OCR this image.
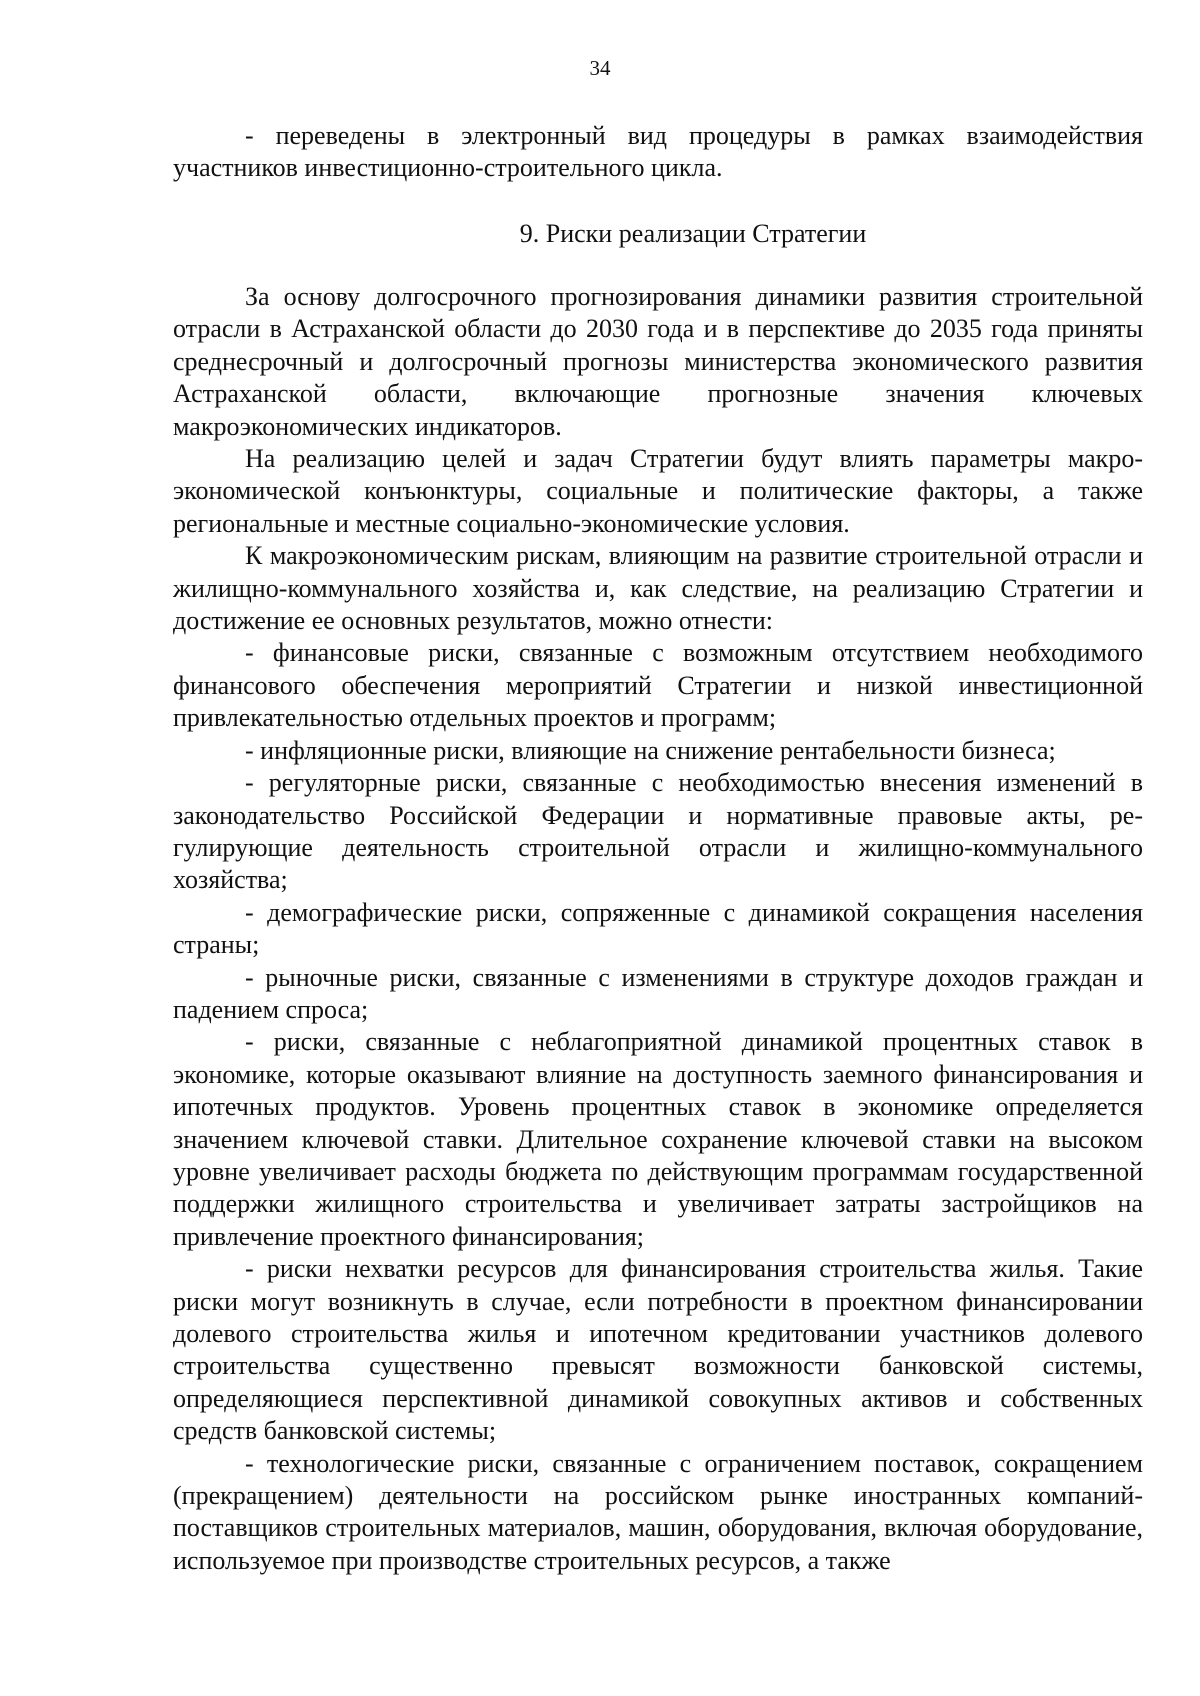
34

- переведены в электронный вид процедуры в рамках взаимодействия участников инвестиционно-строительного цикла.

9. Риски реализации Стратегии

За основу долгосрочного прогнозирования динамики развития строительной отрасли в Астраханской области до 2030 года и в перспективе до 2035 года приняты среднесрочный и долгосрочный прогнозы министерства экономического развития Астраханской области, включающие прогнозные значения ключевых макроэкономических индикаторов.

На реализацию целей и задач Стратегии будут влиять параметры макроэкономической конъюнктуры, социальные и политические факторы, а также региональные и местные социально-экономические условия.

К макроэкономическим рискам, влияющим на развитие строительной отрасли и жилищно-коммунального хозяйства и, как следствие, на реализацию Стратегии и достижение ее основных результатов, можно отнести:

- финансовые риски, связанные с возможным отсутствием необходимого финансового обеспечения мероприятий Стратегии и низкой инвестиционной привлекательностью отдельных проектов и программ;

- инфляционные риски, влияющие на снижение рентабельности бизнеса;

- регуляторные риски, связанные с необходимостью внесения изменений в законодательство Российской Федерации и нормативные правовые акты, регулирующие деятельность строительной отрасли и жилищно-коммунального хозяйства;

- демографические риски, сопряженные с динамикой сокращения населения страны;

- рыночные риски, связанные с изменениями в структуре доходов граждан и падением спроса;

- риски, связанные с неблагоприятной динамикой процентных ставок в экономике, которые оказывают влияние на доступность заемного финансирования и ипотечных продуктов. Уровень процентных ставок в экономике определяется значением ключевой ставки. Длительное сохранение ключевой ставки на высоком уровне увеличивает расходы бюджета по действующим программам государственной поддержки жилищного строительства и увеличивает затраты застройщиков на привлечение проектного финансирования;

- риски нехватки ресурсов для финансирования строительства жилья. Такие риски могут возникнуть в случае, если потребности в проектном финансировании долевого строительства жилья и ипотечном кредитовании участников долевого строительства существенно превысят возможности банковской системы, определяющиеся перспективной динамикой совокупных активов и собственных средств банковской системы;

- технологические риски, связанные с ограничением поставок, сокращением (прекращением) деятельности на российском рынке иностранных компаний-поставщиков строительных материалов, машин, оборудования, включая оборудование, используемое при производстве строительных ресурсов, а также
